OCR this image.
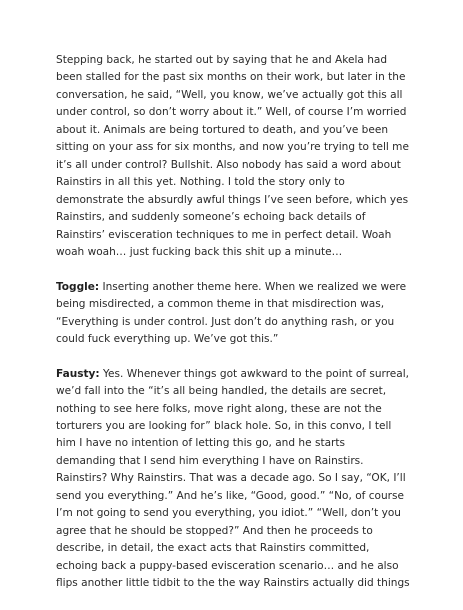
Stepping back, he started out by saying that he and Akela had
been stalled for the past six months on their work, but later in the
conversation, he said, “Well, you know, we’ve actually got this all
under control, so don’t worry about it.” Well, of course I’m worried
about it. Animals are being tortured to death, and you’ve been
sitting on your ass for six months, and now you’re trying to tell me
it’s all under control? Bullshit. Also nobody has said a word about
Rainstirs in all this yet. Nothing. I told the story only to
demonstrate the absurdly awful things I’ve seen before, which yes
Rainstirs, and suddenly someone’s echoing back details of
Rainstirs’ evisceration techniques to me in perfect detail. Woah
woah woah… just fucking back this shit up a minute…
Toggle: Inserting another theme here. When we realized we were
being misdirected, a common theme in that misdirection was,
“Everything is under control. Just don’t do anything rash, or you
could fuck everything up. We’ve got this.”
Fausty: Yes. Whenever things got awkward to the point of surreal,
we’d fall into the “it’s all being handled, the details are secret,
nothing to see here folks, move right along, these are not the
torturers you are looking for” black hole. So, in this convo, I tell
him I have no intention of letting this go, and he starts
demanding that I send him everything I have on Rainstirs.
Rainstirs? Why Rainstirs. That was a decade ago. So I say, “OK, I’ll
send you everything.” And he’s like, “Good, good.” “No, of course
I’m not going to send you everything, you idiot.” “Well, don’t you
agree that he should be stopped?” And then he proceeds to
describe, in detail, the exact acts that Rainstirs committed,
echoing back a puppy-based evisceration scenario… and he also
flips another little tidbit to the the way Rainstirs actually did things
